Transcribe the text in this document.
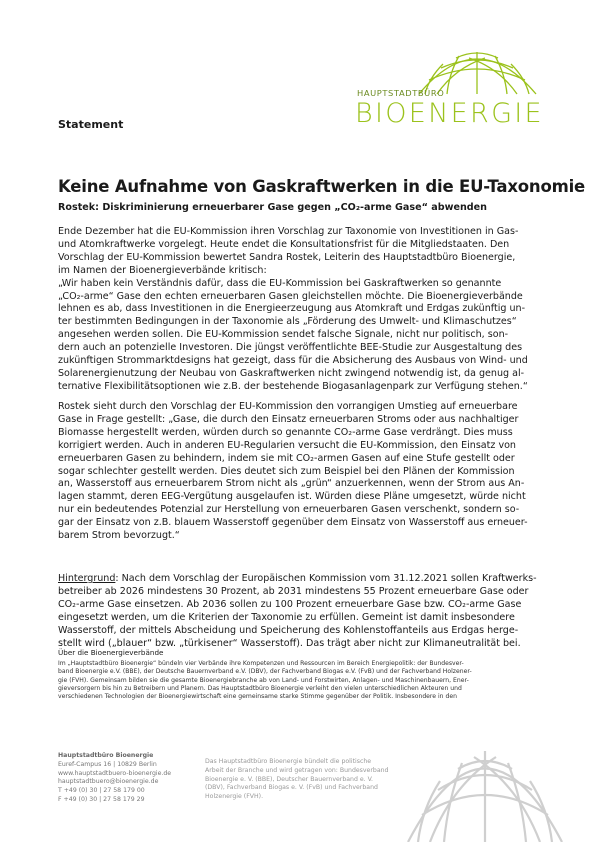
HAUPTSTADTBÜRO
BIOENERGIE
Statement
Keine Aufnahme von Gaskraftwerken in die EU-Taxonomie
Rostek: Diskriminierung erneuerbarer Gase gegen „CO₂-arme Gase“ abwenden
Ende Dezember hat die EU-Kommission ihren Vorschlag zur Taxonomie von Investitionen in Gas-
und Atomkraftwerke vorgelegt. Heute endet die Konsultationsfrist für die Mitgliedstaaten. Den
Vorschlag der EU-Kommission bewertet Sandra Rostek, Leiterin des Hauptstadtbüro Bioenergie,
im Namen der Bioenergieverbände kritisch:
„Wir haben kein Verständnis dafür, dass die EU-Kommission bei Gaskraftwerken so genannte
„CO₂-arme“ Gase den echten erneuerbaren Gasen gleichstellen möchte. Die Bioenergieverbände
lehnen es ab, dass Investitionen in die Energieerzeugung aus Atomkraft und Erdgas zukünftig un-
ter bestimmten Bedingungen in der Taxonomie als „Förderung des Umwelt- und Klimaschutzes“
angesehen werden sollen. Die EU-Kommission sendet falsche Signale, nicht nur politisch, son-
dern auch an potenzielle Investoren. Die jüngst veröffentlichte BEE-Studie zur Ausgestaltung des
zukünftigen Strommarktdesigns hat gezeigt, dass für die Absicherung des Ausbaus von Wind- und
Solarenergienutzung der Neubau von Gaskraftwerken nicht zwingend notwendig ist, da genug al-
ternative Flexibilitätsoptionen wie z.B. der bestehende Biogasanlagenpark zur Verfügung stehen.“
Rostek sieht durch den Vorschlag der EU-Kommission den vorrangigen Umstieg auf erneuerbare
Gase in Frage gestellt: „Gase, die durch den Einsatz erneuerbaren Stroms oder aus nachhaltiger
Biomasse hergestellt werden, würden durch so genannte CO₂-arme Gase verdrängt. Dies muss
korrigiert werden. Auch in anderen EU-Regularien versucht die EU-Kommission, den Einsatz von
erneuerbaren Gasen zu behindern, indem sie mit CO₂-armen Gasen auf eine Stufe gestellt oder
sogar schlechter gestellt werden. Dies deutet sich zum Beispiel bei den Plänen der Kommission
an, Wasserstoff aus erneuerbarem Strom nicht als „grün“ anzuerkennen, wenn der Strom aus An-
lagen stammt, deren EEG-Vergütung ausgelaufen ist. Würden diese Pläne umgesetzt, würde nicht
nur ein bedeutendes Potenzial zur Herstellung von erneuerbaren Gasen verschenkt, sondern so-
gar der Einsatz von z.B. blauem Wasserstoff gegenüber dem Einsatz von Wasserstoff aus erneuer-
barem Strom bevorzugt.“
Hintergrund: Nach dem Vorschlag der Europäischen Kommission vom 31.12.2021 sollen Kraftwerks-
betreiber ab 2026 mindestens 30 Prozent, ab 2031 mindestens 55 Prozent erneuerbare Gase oder
CO₂-arme Gase einsetzen. Ab 2036 sollen zu 100 Prozent erneuerbare Gase bzw. CO₂-arme Gase
eingesetzt werden, um die Kriterien der Taxonomie zu erfüllen. Gemeint ist damit insbesondere
Wasserstoff, der mittels Abscheidung und Speicherung des Kohlenstoffanteils aus Erdgas herge-
stellt wird („blauer“ bzw. „türkisener“ Wasserstoff). Das trägt aber nicht zur Klimaneutralität bei.
Über die Bioenergieverbände
Im „Hauptstadtbüro Bioenergie“ bündeln vier Verbände ihre Kompetenzen und Ressourcen im Bereich Energiepolitik: der Bundesver-
band Bioenergie e.V. (BBE), der Deutsche Bauernverband e.V. (DBV), der Fachverband Biogas e.V. (FvB) und der Fachverband Holzener-
gie (FVH). Gemeinsam bilden sie die gesamte Bioenergiebranche ab von Land- und Forstwirten, Anlagen- und Maschinenbauern, Ener-
gieversorgern bis hin zu Betreibern und Planern. Das Hauptstadtbüro Bioenergie verleiht den vielen unterschiedlichen Akteuren und
verschiedenen Technologien der Bioenergiewirtschaft eine gemeinsame starke Stimme gegenüber der Politik. Insbesondere in den
Hauptstadtbüro Bioenergie
Euref-Campus 16 | 10829 Berlin
www.hauptstadtbuero-bioenergie.de
hauptstadtbuero@bioenergie.de
T +49 (0) 30 | 27 58 179 00
F +49 (0) 30 | 27 58 179 29
Das Hauptstadtbüro Bioenergie bündelt die politische
Arbeit der Branche und wird getragen von: Bundesverband
Bioenergie e. V. (BBE), Deutscher Bauernverband e. V.
(DBV), Fachverband Biogas e. V. (FvB) und Fachverband
Holzenergie (FVH).
